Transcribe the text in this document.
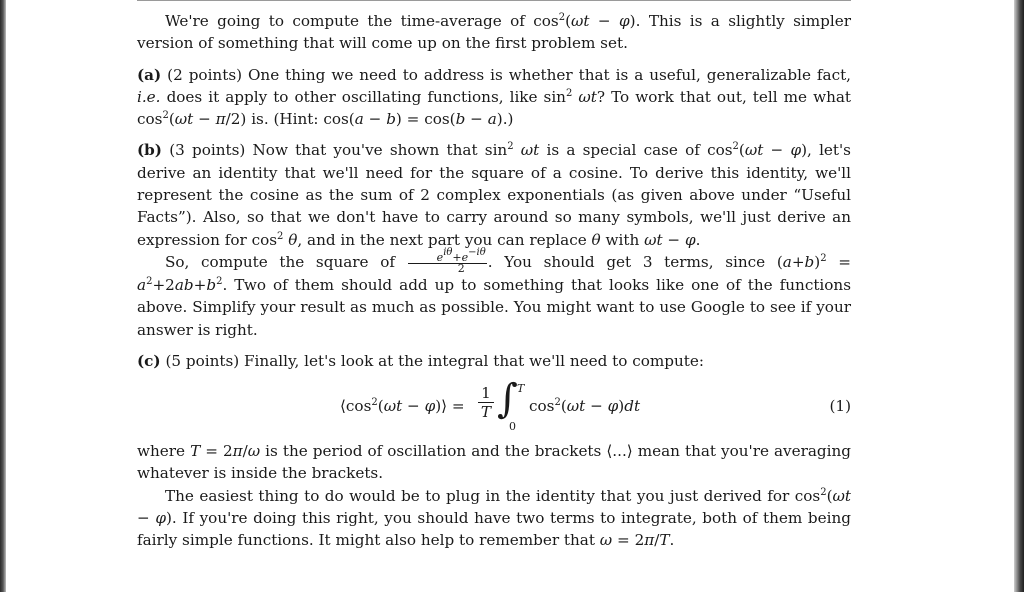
We're going to compute the time-average of $\cos^2(\omega t - \varphi)$. This is a slightly simpler version of something that will come up on the first problem set.

(a) (2 points) One thing we need to address is whether that is a useful, generalizable fact, i.e. does it apply to other oscillating functions, like $\sin^2 \omega t$? To work that out, tell me what $\cos^2(\omega t - \pi/2)$ is. (Hint: cos(a − b) = cos(b − a).)

(b) (3 points) Now that you've shown that $\sin^2 \omega t$ is a special case of $\cos^2(\omega t - \varphi)$, let's derive an identity that we'll need for the square of a cosine. To derive this identity, we'll represent the cosine as the sum of 2 complex exponentials (as given above under “Useful Facts”). Also, so that we don't have to carry around so many symbols, we'll just derive an expression for $\cos^2 \theta$, and in the next part you can replace θ with ωt − φ.

So, compute the square of $\frac{e^{i\theta}+e^{-i\theta}}{2}$ . You should get 3 terms, since $(a+b)^2 = a^2+2ab+b^2$. Two of them should add up to something that looks like one of the functions above. Simplify your result as much as possible. You might want to use Google to see if your answer is right.

(c) (5 points) Finally, let's look at the integral that we'll need to compute:

$⟨\cos^2(\omega t$ − φ)⟩ =
1
T ∫ T
0
$\cos^2(\omega t - \varphi)dt$	(1)

where T = 2π/ω is the period of oscillation and the brackets ⟨...⟩ mean that you're averaging whatever is inside the brackets.

The easiest thing to do would be to plug in the identity that you just derived for $\cos^2(\omega t - \varphi)$. If you're doing this right, you should have two terms to integrate, both of them being fairly simple functions. It might also help to remember that ω = 2π/T.
